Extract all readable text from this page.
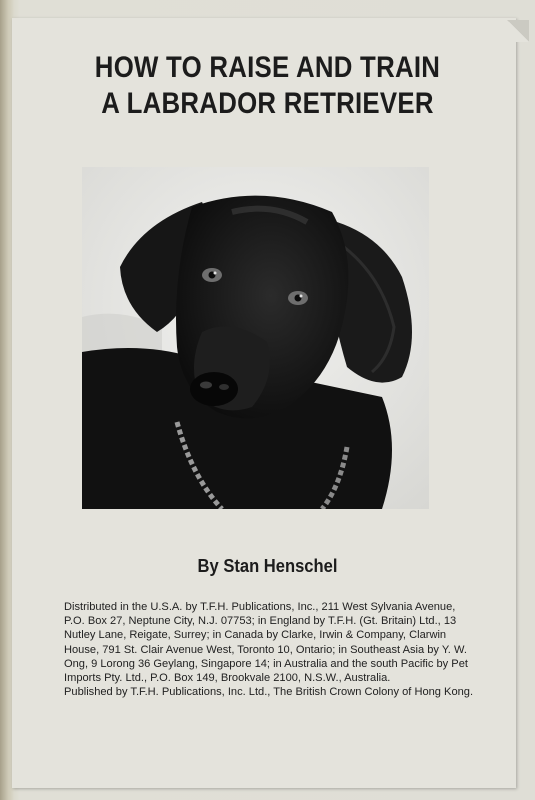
HOW TO RAISE AND TRAIN
A LABRADOR RETRIEVER
By Stan Henschel

Distributed in the U.S.A. by T.F.H. Publications, Inc., 211 West Sylvania Avenue, P.O. Box 27, Neptune City, N.J. 07753; in England by T.F.H. (Gt. Britain) Ltd., 13 Nutley Lane, Reigate, Surrey; in Canada by Clarke, Irwin & Company, Clarwin House, 791 St. Clair Avenue West, Toronto 10, Ontario; in Southeast Asia by Y. W. Ong, 9 Lorong 36 Geylang, Singapore 14; in Australia and the south Pacific by Pet Imports Pty. Ltd., P.O. Box 149, Brookvale 2100, N.S.W., Australia.

Published by T.F.H. Publications, Inc. Ltd., The British Crown Colony of Hong Kong.
